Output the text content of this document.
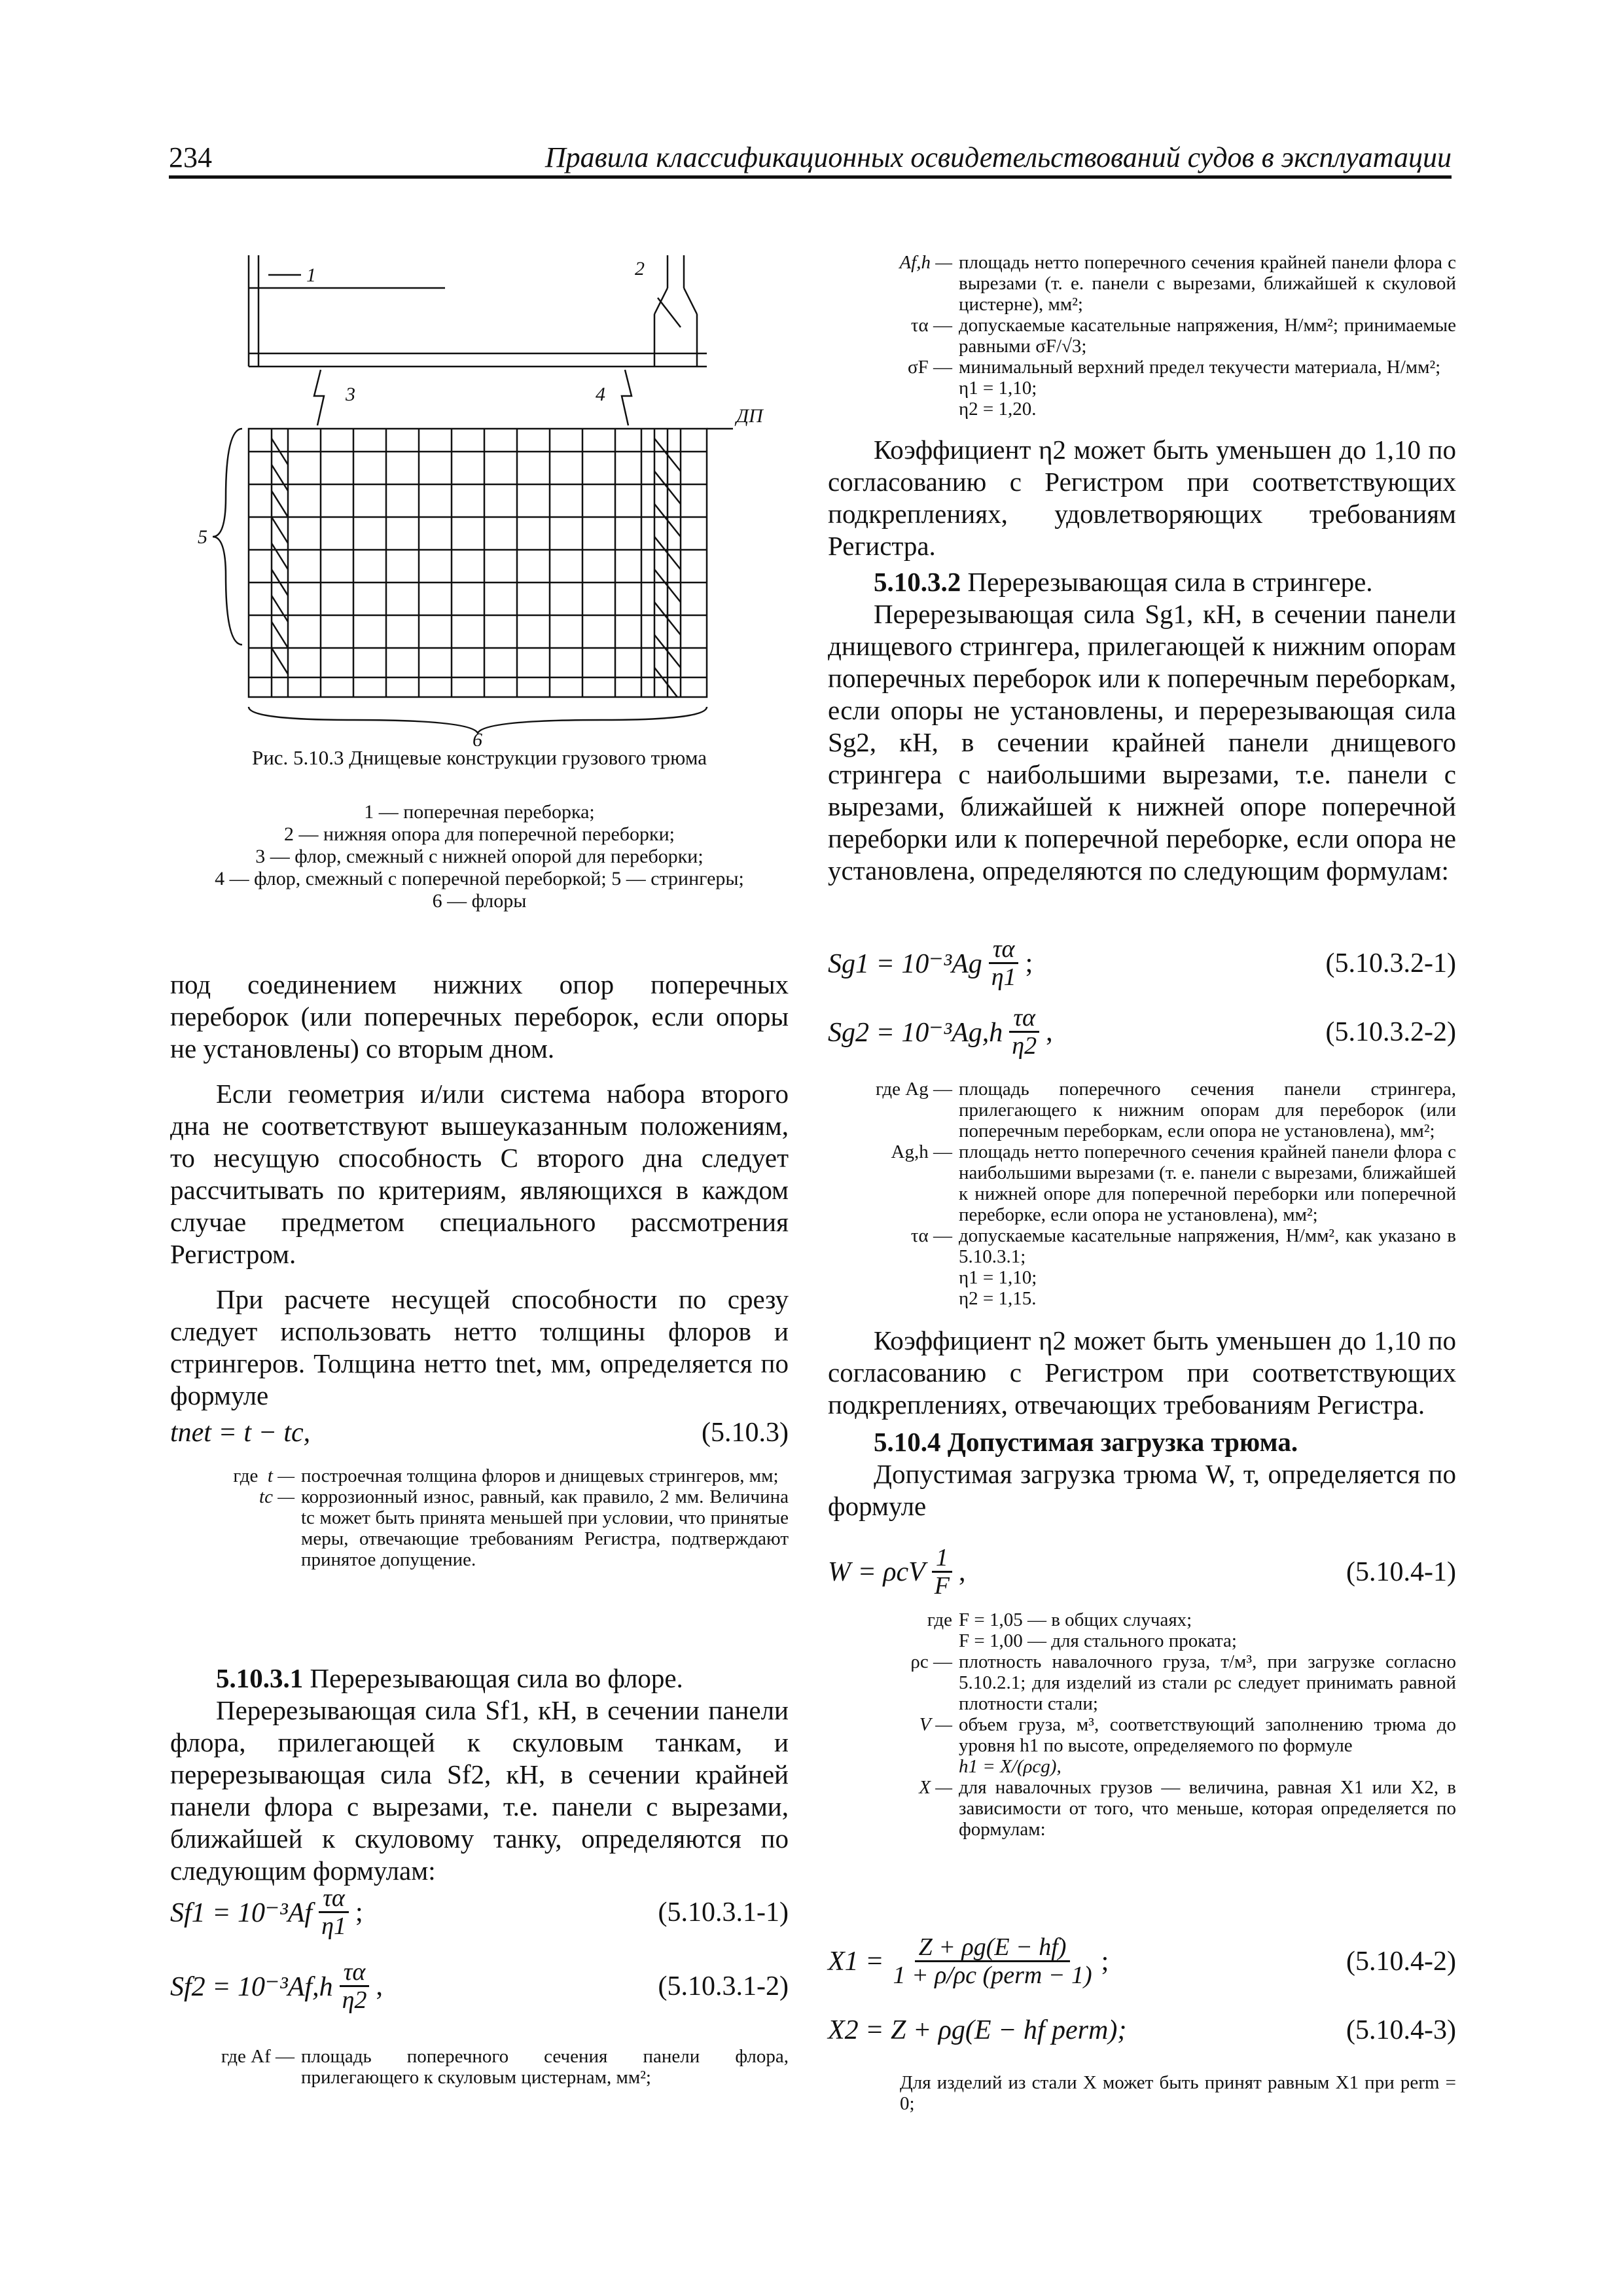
234	Правила классификационных освидетельствований судов в эксплуатации
1	2
3	4
5
6
ДП
Рис. 5.10.3 Днищевые конструкции грузового трюма
1 — поперечная переборка;
2 — нижняя опора для поперечной переборки;
3 — флор, смежный с нижней опорой для переборки;
4 — флор, смежный с поперечной переборкой; 5 — стрингеры;
6 — флоры

под соединением нижних опор поперечных переборок (или поперечных переборок, если опоры не установлены) со вторым дном.

Если геометрия и/или система набора второго дна не соответствуют вышеуказанным положениям, то несущую способность C второго дна следует рассчитывать по критериям, являющихся в каждом случае предметом специального рассмотрения Регистром.

При расчете несущей способности по срезу следует использовать нетто толщины флоров и стрингеров. Толщина нетто tnet, мм, определяется по формуле

tnet = t − tc,	(5.10.3)
где t — построечная толщина флоров и днищевых стрингеров, мм;
tc — коррозионный износ, равный, как правило, 2 мм. Величина tc может быть принята меньшей при условии, что принятые меры, отвечающие требованиям Регистра, подтверждают принятое допущение.

5.10.3.1 Перерезывающая сила во флоре.

Перерезывающая сила Sf1, кН, в сечении панели флора, прилегающей к скуловым танкам, и перерезывающая сила Sf2, кН, в сечении крайней панели флора с вырезами, т.е. панели с вырезами, ближайшей к скуловому танку, определяются по следующим формулам:

$Sf1 = 10^{-3}Af \frac{\tau\alpha}{\eta 1}$ ;	(5.10.3.1-1)
$Sf2 = 10^{-3}Af,h \frac{\tau\alpha}{\eta 2}$ ,	(5.10.3.1-2)
где Af — площадь поперечного сечения панели флора, прилегающего к скуловым цистернам, мм²;
Af,h — площадь нетто поперечного сечения крайней панели флора с вырезами (т. е. панели с вырезами, ближайшей к скуловой цистерне), мм²;
τα — допускаемые касательные напряжения, Н/мм²; принимаемые равными σF/√3;
σF — минимальный верхний предел текучести материала, Н/мм²;
η1 = 1,10;
η2 = 1,20.

Коэффициент η2 может быть уменьшен до 1,10 по согласованию с Регистром при соответствующих подкреплениях, удовлетворяющих требованиям Регистра.

5.10.3.2 Перерезывающая сила в стрингере.

Перерезывающая сила Sg1, кН, в сечении панели днищевого стрингера, прилегающей к нижним опорам поперечных переборок или к поперечным переборкам, если опоры не установлены, и перерезывающая сила Sg2, кН, в сечении крайней панели днищевого стрингера с наибольшими вырезами, т.е. панели с вырезами, ближайшей к нижней опоре поперечной переборки или к поперечной переборке, если опора не установлена, определяются по следующим формулам:

$Sg1 = 10^{-3}Ag \frac{\tau\alpha}{\eta 1}$ ;	(5.10.3.2-1)
$Sg2 = 10^{-3}Ag,h \frac{\tau\alpha}{\eta 2}$ ,	(5.10.3.2-2)
где Ag — площадь поперечного сечения панели стрингера, прилегающего к нижним опорам для переборок (или поперечным переборкам, если опора не установлена), мм²;
Ag,h — площадь нетто поперечного сечения крайней панели флора с наибольшими вырезами (т. е. панели с вырезами, ближайшей к нижней опоре для поперечной переборки или поперечной переборке, если опора не установлена), мм²;
τα — допускаемые касательные напряжения, Н/мм², как указано в 5.10.3.1;
η1 = 1,10;
η2 = 1,15.

Коэффициент η2 может быть уменьшен до 1,10 по согласованию с Регистром при соответствующих подкреплениях, отвечающих требованиям Регистра.

5.10.4 Допустимая загрузка трюма.

Допустимая загрузка трюма W, т, определяется по формуле

W = ρcV $\frac{1}{F}$ ,	(5.10.4-1)
где F = 1,05 — в общих случаях;
F = 1,00 — для стального проката;
ρc — плотность навалочного груза, т/м³, при загрузке согласно 5.10.2.1; для изделий из стали ρc следует принимать равной плотности стали;
V — объем груза, м³, соответствующий заполнению трюма до уровня h1 по высоте, определяемого по формуле
h1 = X/(ρcg),
X — для навалочных грузов — величина, равная X1 или X2, в зависимости от того, что меньше, которая определяется по формулам:
$X1 = \frac{Z + \rho g(E - hf)}{\text{1 + ρ/ρc (perm − 1)}}$ ;	(5.10.4-2)
X2 = Z + ρg(E − hf perm);	(5.10.4-3)
Для изделий из стали X может быть принят равным X1 при perm = 0;
